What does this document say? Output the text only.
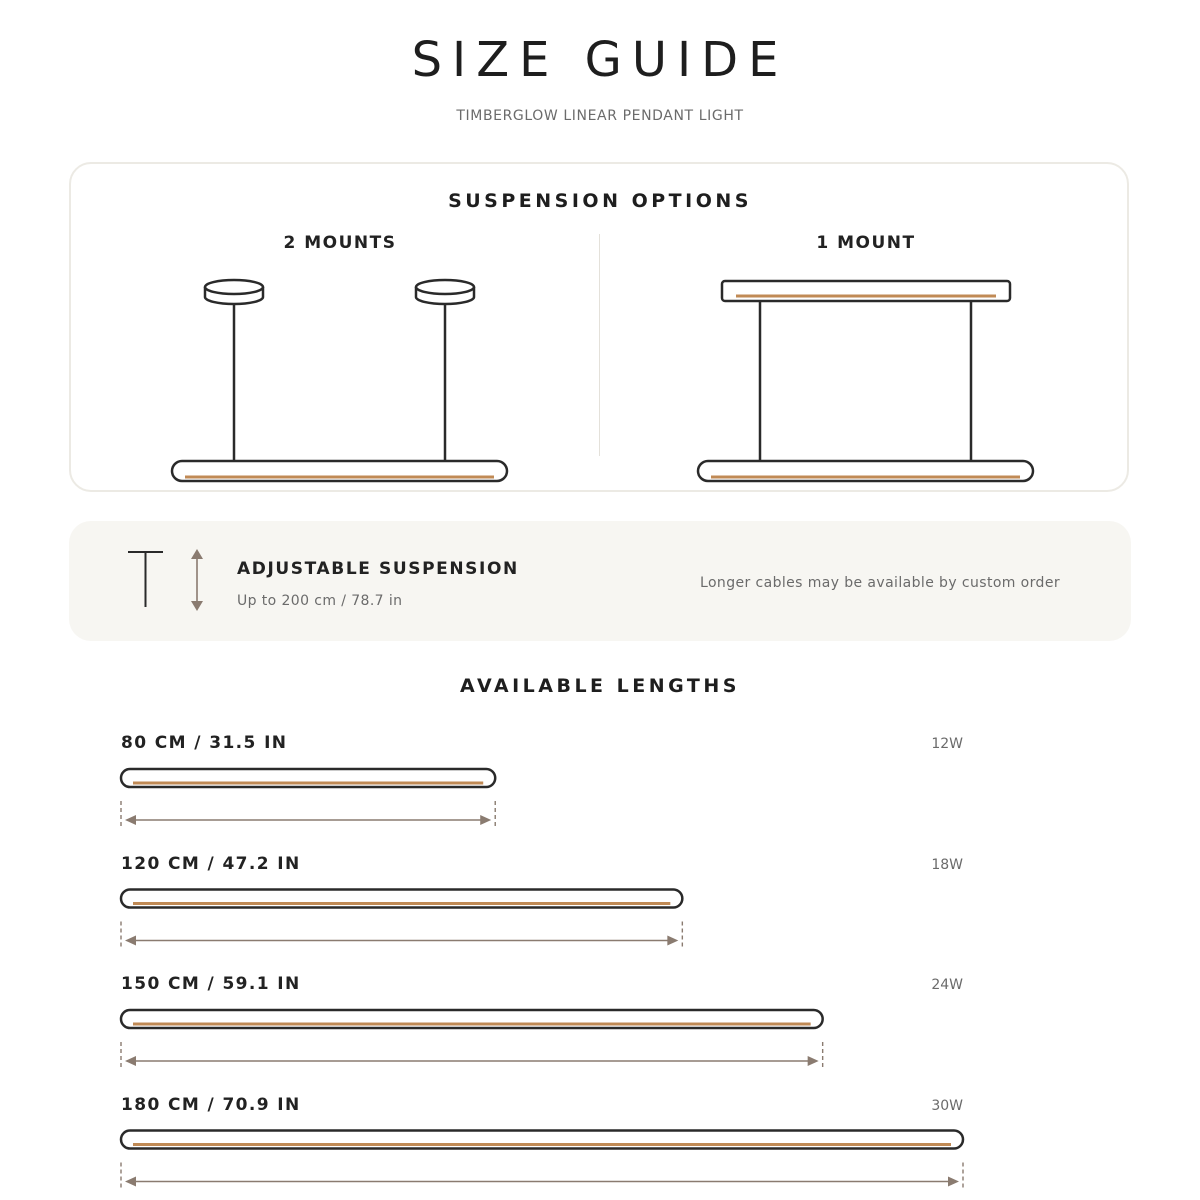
SIZE GUIDE
TIMBERGLOW LINEAR PENDANT LIGHT
SUSPENSION OPTIONS
2 MOUNTS	1 MOUNT
ADJUSTABLE SUSPENSION
Up to 200 cm / 78.7 in
Longer cables may be available by custom order
AVAILABLE LENGTHS
80 CM / 31.5 IN	12W
120 CM / 47.2 IN	18W
150 CM / 59.1 IN	24W
180 CM / 70.9 IN	30W
